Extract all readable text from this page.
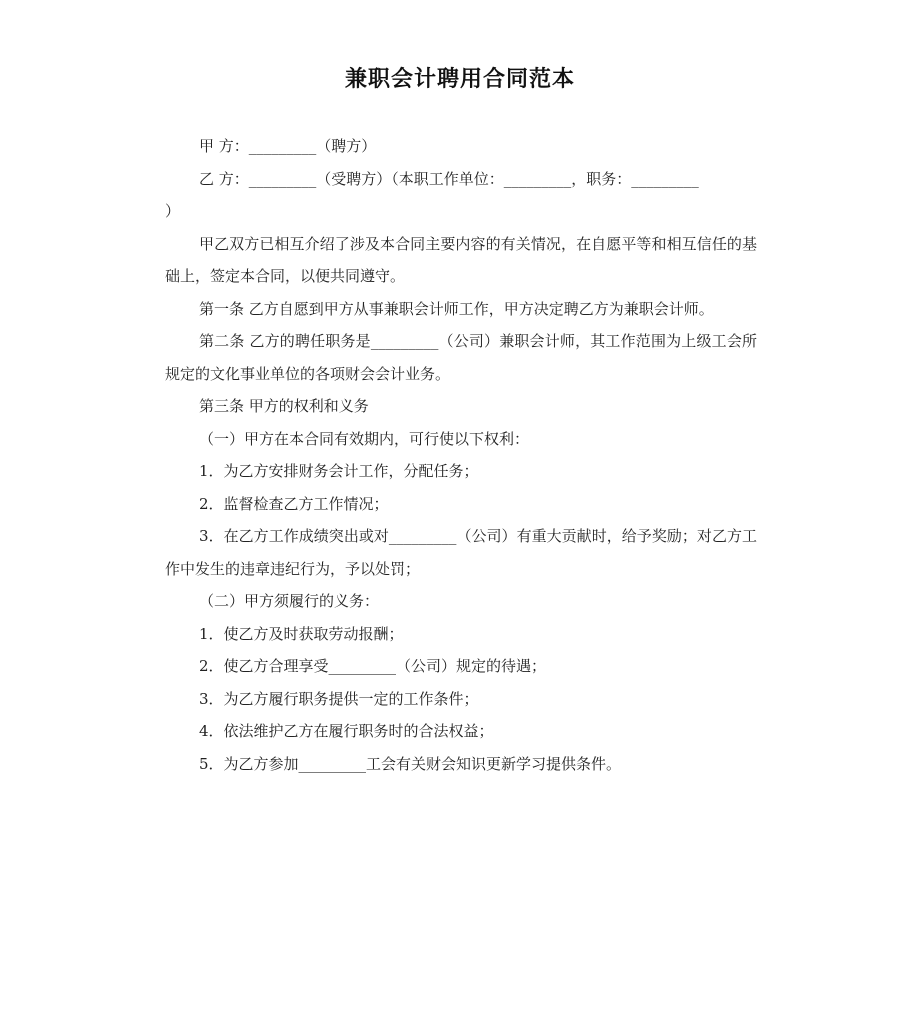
兼职会计聘用合同范本

甲 方：_________（聘方）

乙 方：_________（受聘方）（本职工作单位：_________，职务：_________

）

甲乙双方已相互介绍了涉及本合同主要内容的有关情况，在自愿平等和相互信任的基础上，签定本合同，以便共同遵守。

第一条 乙方自愿到甲方从事兼职会计师工作，甲方决定聘乙方为兼职会计师。

第二条 乙方的聘任职务是_________（公司）兼职会计师，其工作范围为上级工会所规定的文化事业单位的各项财会会计业务。

第三条 甲方的权利和义务

（一）甲方在本合同有效期内，可行使以下权利：

1．为乙方安排财务会计工作，分配任务；

2．监督检查乙方工作情况；

3．在乙方工作成绩突出或对_________（公司）有重大贡献时，给予奖励；对乙方工作中发生的违章违纪行为，予以处罚；

（二）甲方须履行的义务：

1．使乙方及时获取劳动报酬；

2．使乙方合理享受_________（公司）规定的待遇；

3．为乙方履行职务提供一定的工作条件；

4．依法维护乙方在履行职务时的合法权益；

5．为乙方参加_________工会有关财会知识更新学习提供条件。
